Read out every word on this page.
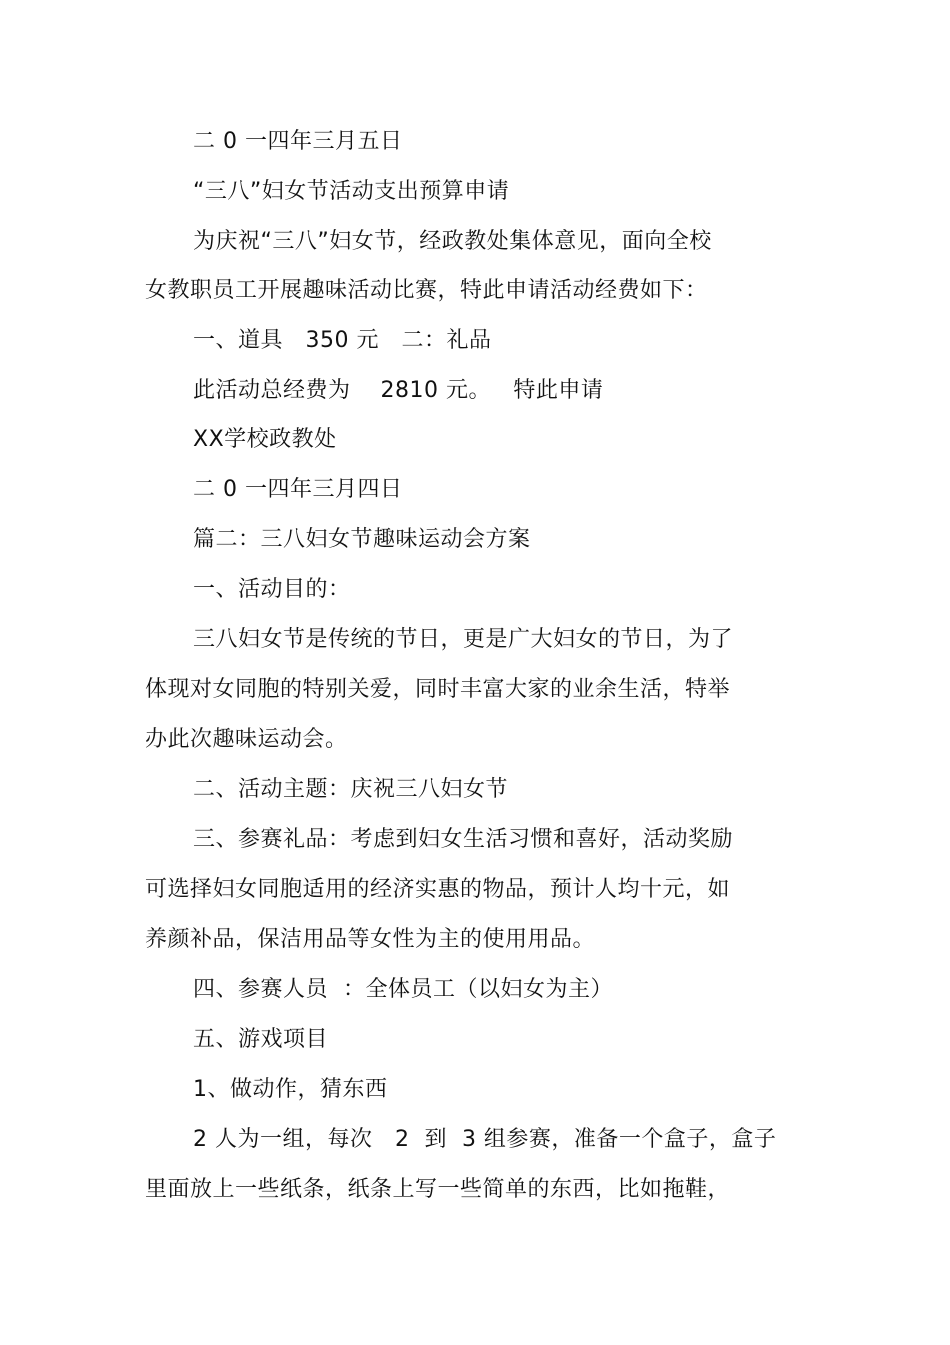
二 0 一四年三月五日
“三八”妇女节活动支出预算申请
为庆祝“三八”妇女节，经政教处集体意见，面向全校
女教职员工开展趣味活动比赛，特此申请活动经费如下：
一、道具   350 元   二：礼品
此活动总经费为    2810 元。   特此申请
XX学校政教处
二 0 一四年三月四日
篇二：三八妇女节趣味运动会方案
一、活动目的：
三八妇女节是传统的节日，更是广大妇女的节日，为了
体现对女同胞的特别关爱，同时丰富大家的业余生活，特举
办此次趣味运动会。
二、活动主题：庆祝三八妇女节
三、参赛礼品：考虑到妇女生活习惯和喜好，活动奖励
可选择妇女同胞适用的经济实惠的物品，预计人均十元，如
养颜补品，保洁用品等女性为主的使用用品。
四、参赛人员  ：全体员工（以妇女为主）
五、游戏项目
1、做动作，猜东西
2 人为一组，每次   2  到  3 组参赛，准备一个盒子，盒子
里面放上一些纸条，纸条上写一些简单的东西，比如拖鞋，
